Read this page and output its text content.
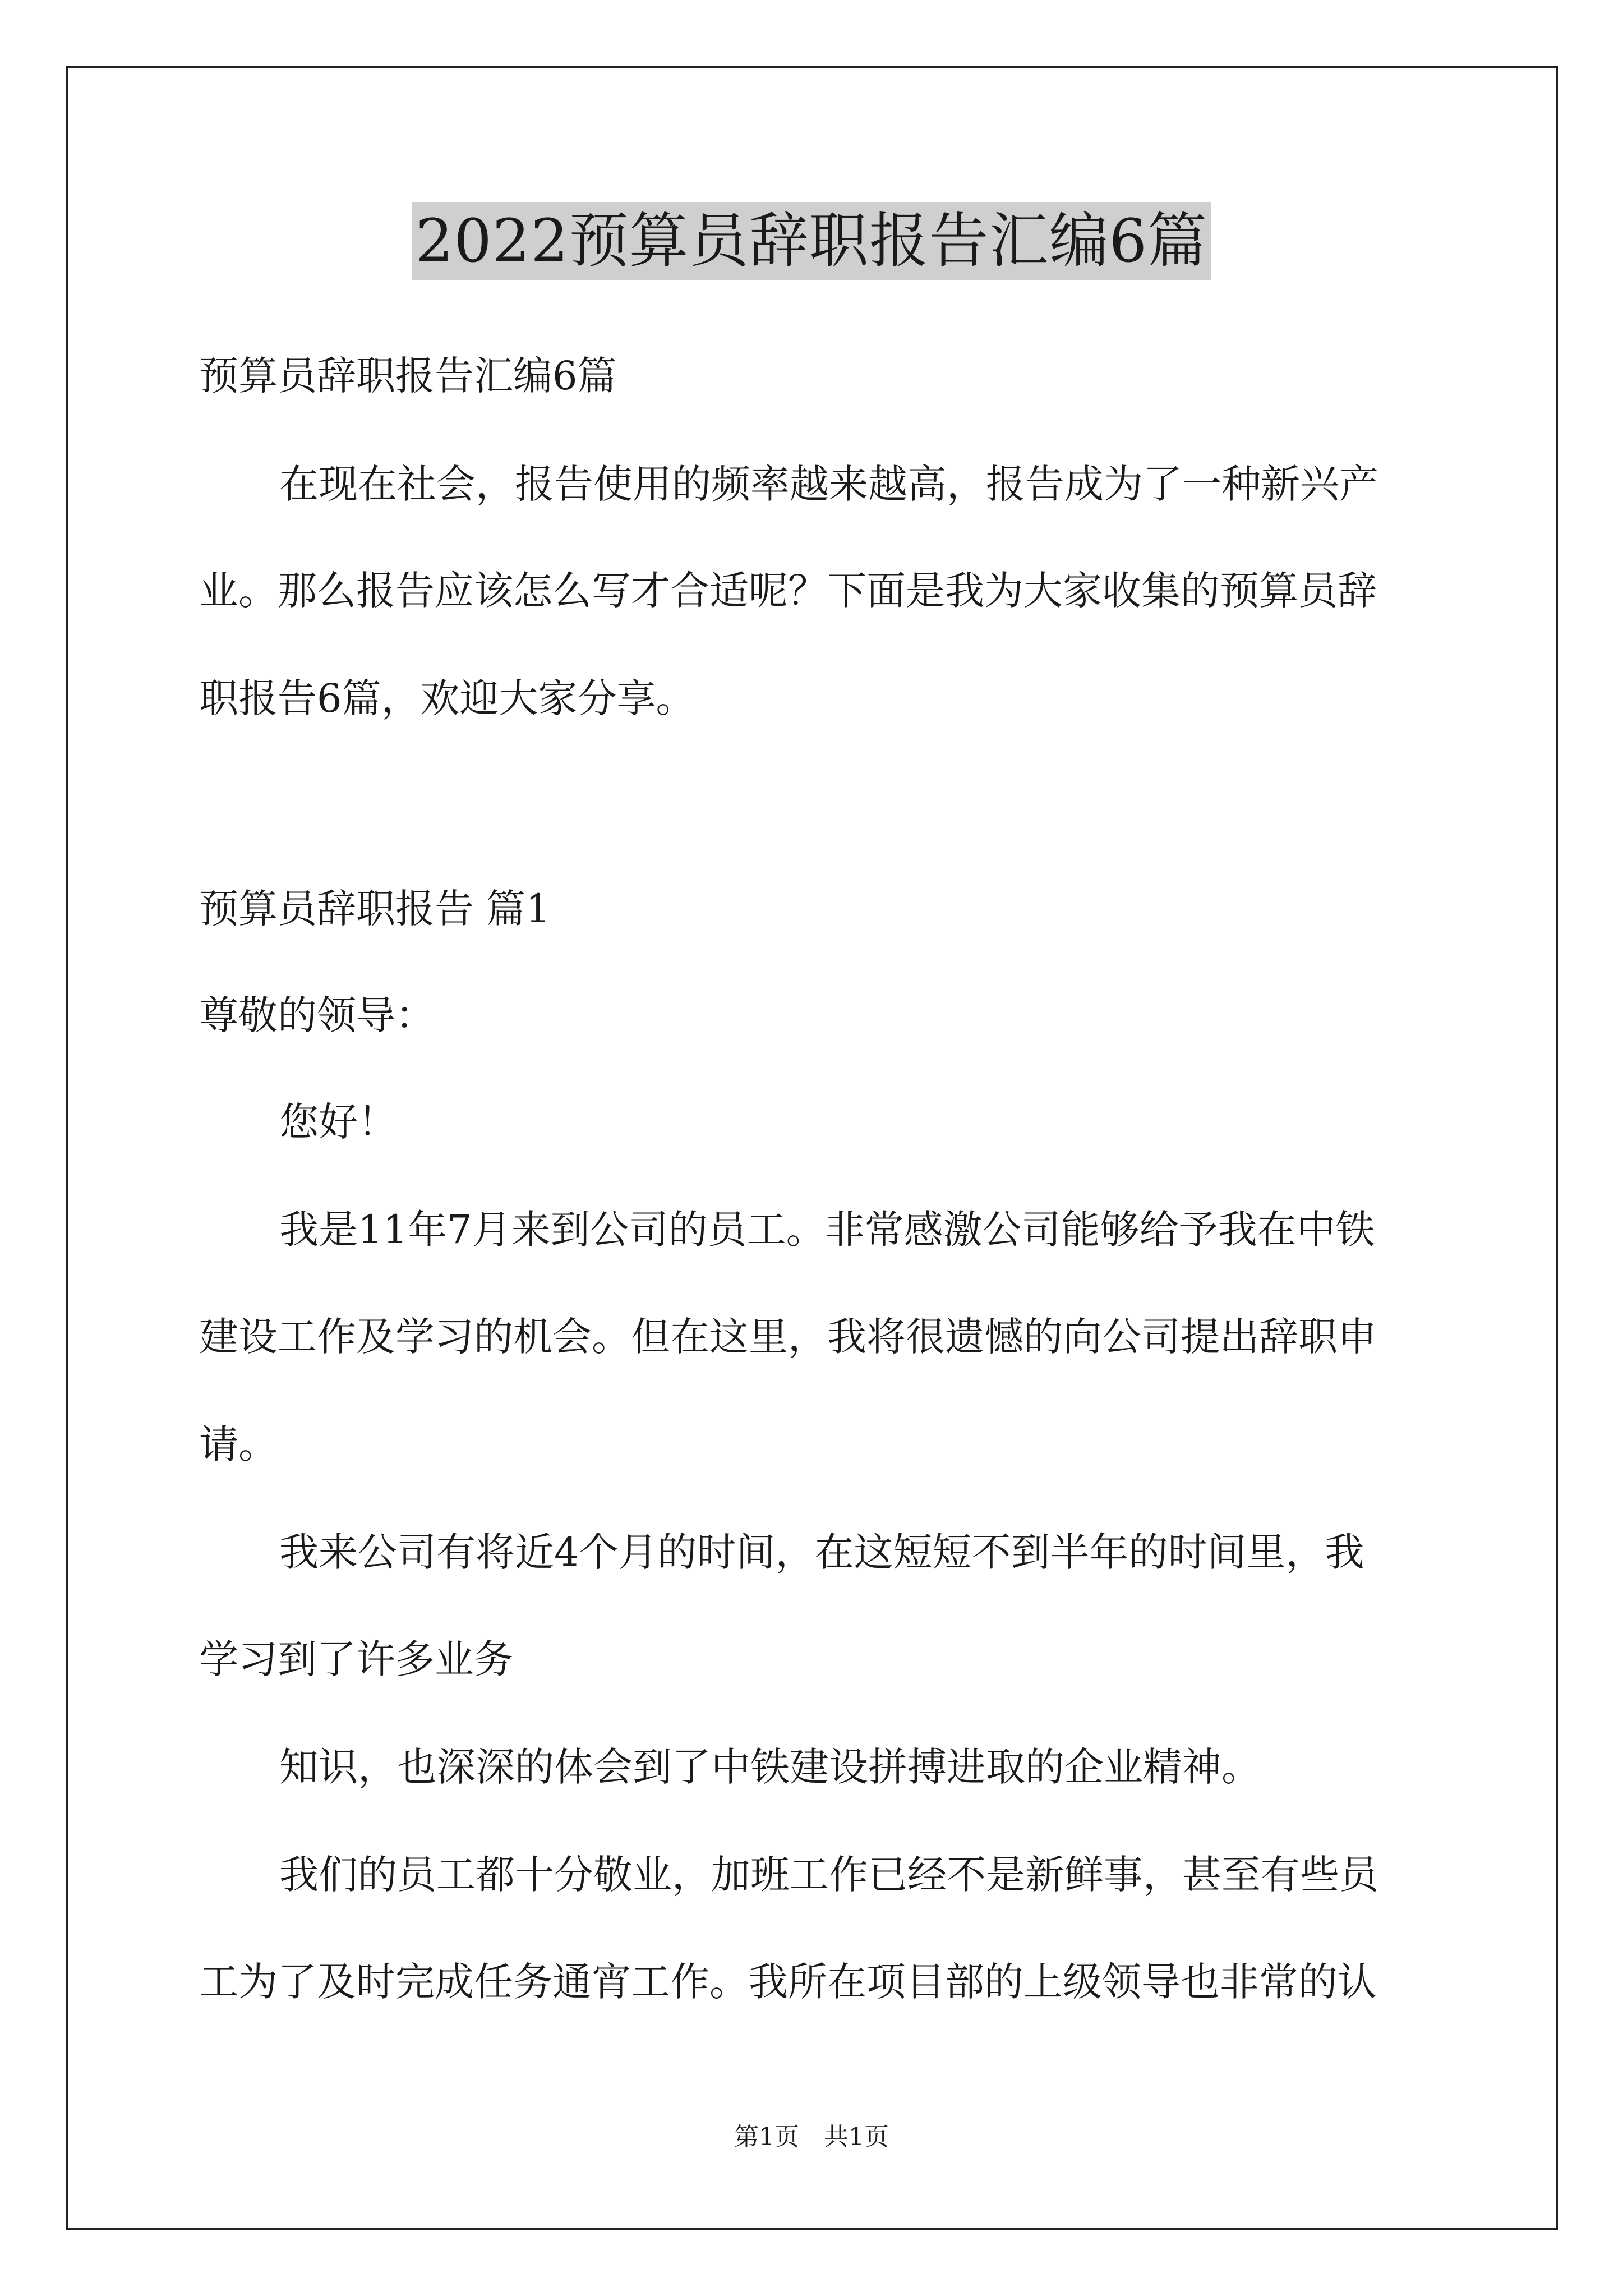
2022预算员辞职报告汇编6篇
预算员辞职报告汇编6篇
在现在社会，报告使用的频率越来越高，报告成为了一种新兴产
业。那么报告应该怎么写才合适呢？下面是我为大家收集的预算员辞
职报告6篇，欢迎大家分享。
预算员辞职报告 篇1
尊敬的领导：
您好！
我是11年7月来到公司的员工。非常感激公司能够给予我在中铁
建设工作及学习的机会。但在这里，我将很遗憾的向公司提出辞职申
请。
我来公司有将近4个月的时间，在这短短不到半年的时间里，我
学习到了许多业务
知识，也深深的体会到了中铁建设拼搏进取的企业精神。
我们的员工都十分敬业，加班工作已经不是新鲜事，甚至有些员
工为了及时完成任务通宵工作。我所在项目部的上级领导也非常的认
第1页　共1页
